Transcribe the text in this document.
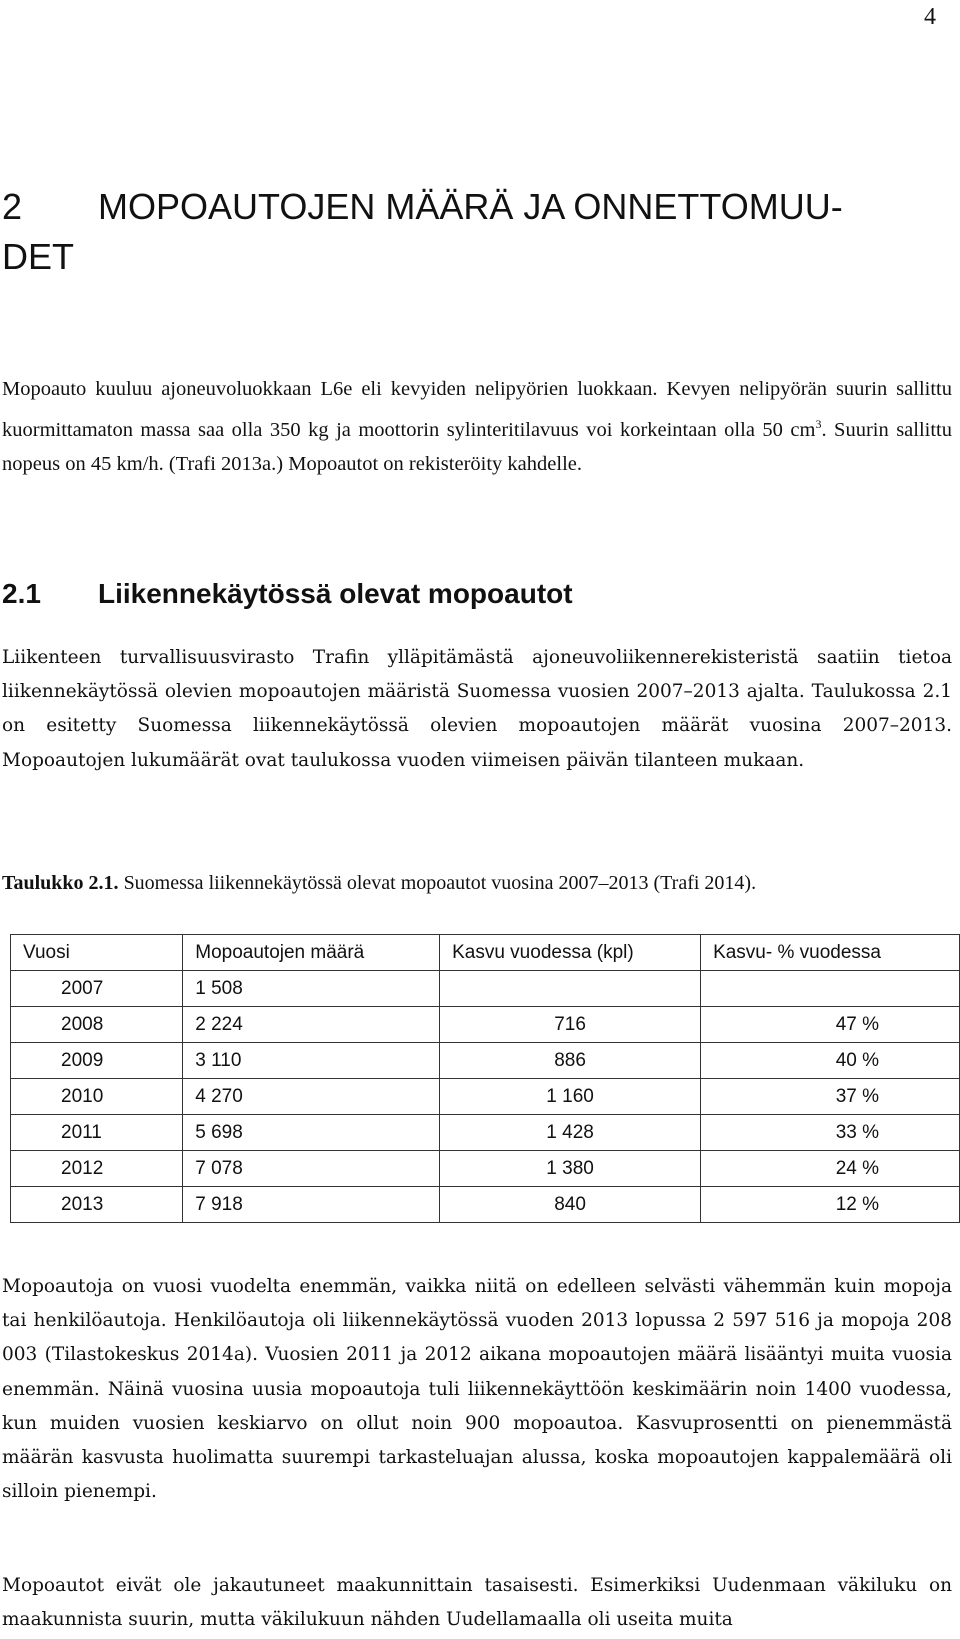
4
2 MOPOAUTOJEN MÄÄRÄ JA ONNETTOMUU-
DET

Mopoauto kuuluu ajoneuvoluokkaan L6e eli kevyiden nelipyörien luokkaan. Kevyen nelipyörän suurin sallittu kuormittamaton massa saa olla 350 kg ja moottorin sylinteritilavuus voi korkeintaan olla 50 $cm^3$. Suurin sallittu nopeus on 45 km/h. (Trafi 2013a.) Mopoautot on rekisteröity kahdelle.

2.1 Liikennekäytössä olevat mopoautot

Liikenteen turvallisuusvirasto Trafin ylläpitämästä ajoneuvoliikennerekisteristä saatiin tietoa liikennekäytössä olevien mopoautojen määristä Suomessa vuosien 2007–2013 ajalta. Taulukossa 2.1 on esitetty Suomessa liikennekäytössä olevien mopoautojen määrät vuosina 2007–2013. Mopoautojen lukumäärät ovat taulukossa vuoden viimeisen päivän tilanteen mukaan.

Taulukko 2.1. Suomessa liikennekäytössä olevat mopoautot vuosina 2007–2013 (Trafi 2014).

Vuosi	Mopoautojen määrä	Kasvu vuodessa (kpl)	Kasvu- % vuodessa
2007	1 508		
2008	2 224	716	47 %
2009	3 110	886	40 %
2010	4 270	1 160	37 %
2011	5 698	1 428	33 %
2012	7 078	1 380	24 %
2013	7 918	840	12 %

Mopoautoja on vuosi vuodelta enemmän, vaikka niitä on edelleen selvästi vähemmän kuin mopoja tai henkilöautoja. Henkilöautoja oli liikennekäytössä vuoden 2013 lopussa 2 597 516 ja mopoja 208 003 (Tilastokeskus 2014a). Vuosien 2011 ja 2012 aikana mopoautojen määrä lisääntyi muita vuosia enemmän. Näinä vuosina uusia mopoautoja tuli liikennekäyttöön keskimäärin noin 1400 vuodessa, kun muiden vuosien keskiarvo on ollut noin 900 mopoautoa. Kasvuprosentti on pienemmästä määrän kasvusta huolimatta suurempi tarkasteluajan alussa, koska mopoautojen kappalemäärä oli silloin pienempi.

Mopoautot eivät ole jakautuneet maakunnittain tasaisesti. Esimerkiksi Uudenmaan väkiluku on maakunnista suurin, mutta väkilukuun nähden Uudellamaalla oli useita muita
